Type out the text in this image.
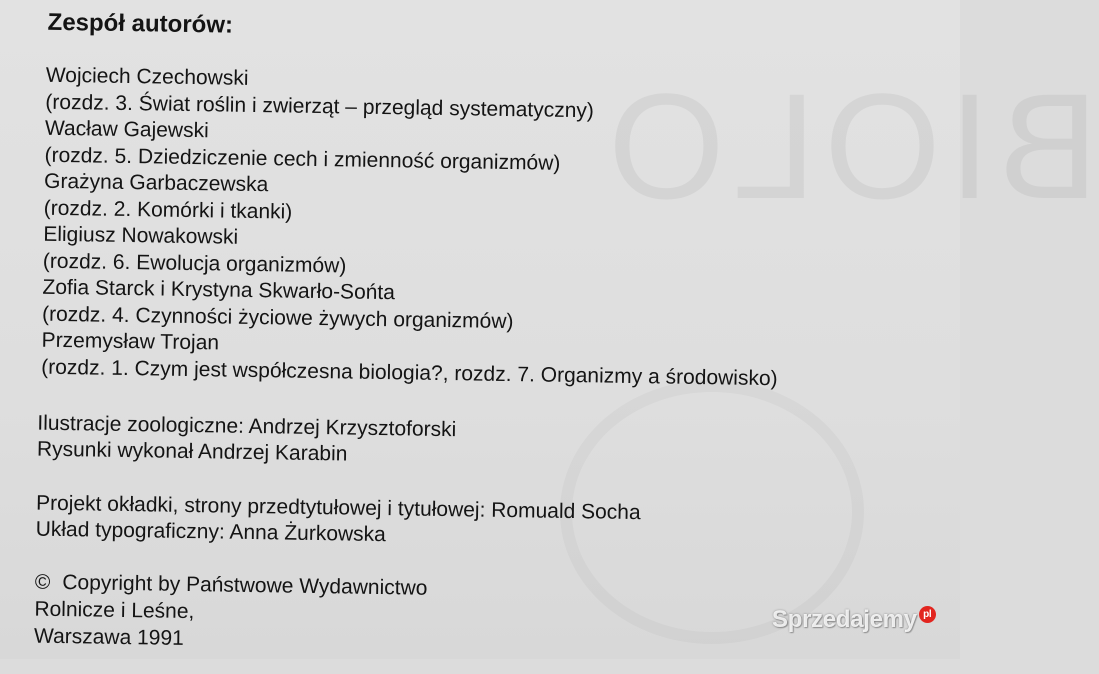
BIOLO
Zespół autorów:
Wojciech Czechowski
(rozdz. 3. Świat roślin i zwierząt – przegląd systematyczny)
Wacław Gajewski
(rozdz. 5. Dziedziczenie cech i zmienność organizmów)
Grażyna Garbaczewska
(rozdz. 2. Komórki i tkanki)
Eligiusz Nowakowski
(rozdz. 6. Ewolucja organizmów)
Zofia Starck i Krystyna Skwarło-Sońta
(rozdz. 4. Czynności życiowe żywych organizmów)
Przemysław Trojan
(rozdz. 1. Czym jest współczesna biologia?, rozdz. 7. Organizmy a środowisko)
Ilustracje zoologiczne: Andrzej Krzysztoforski
Rysunki wykonał Andrzej Karabin
Projekt okładki, strony przedtytułowej i tytułowej: Romuald Socha
Układ typograficzny: Anna Żurkowska
© Copyright by Państwowe Wydawnictwo
Rolnicze i Leśne,
Warszawa 1991
Sprzedajemy pl
